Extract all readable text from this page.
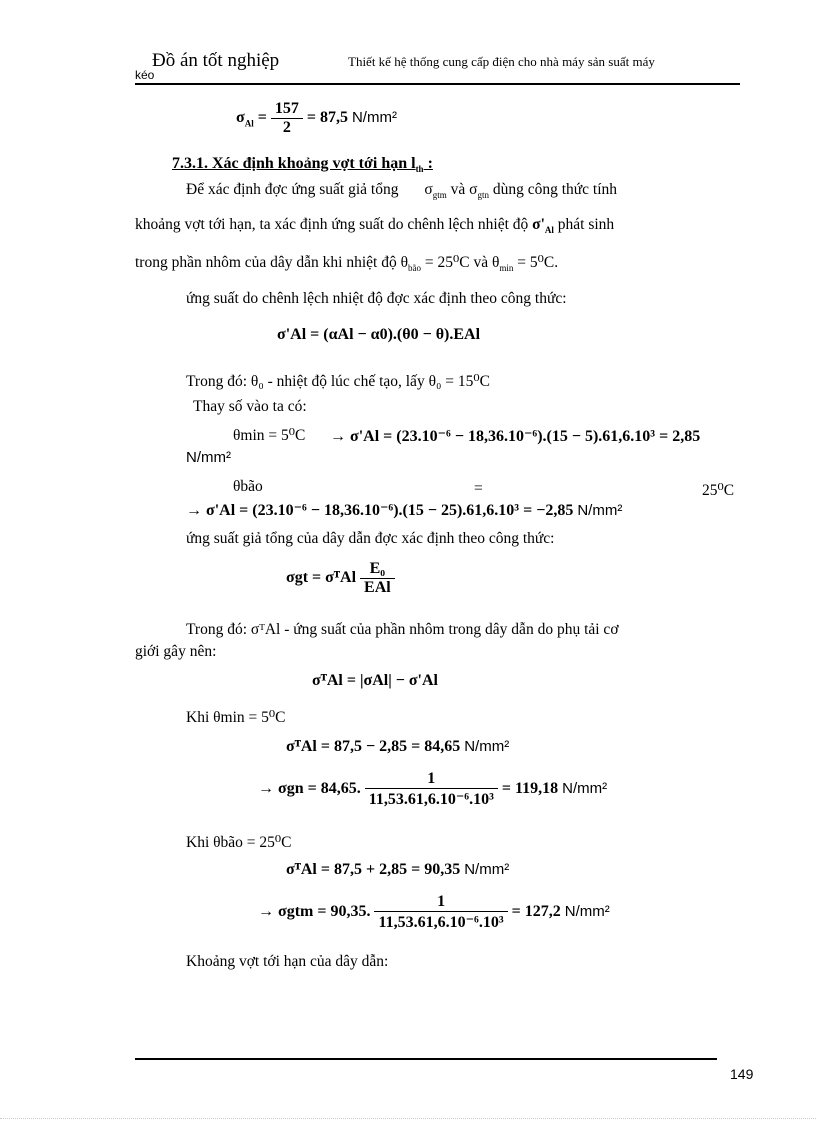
Đồ án tốt nghiệp	Thiết kế hệ thống cung cấp điện cho nhà máy sản suất máy
kéo
$\sigma_{Al} = \frac{157}{2} = 87,5$ N/mm²
7.3.1. Xác định khoảng vợt tới hạn $l_{th}$ :
Để xác định đợc ứng suất giả tổng $\sigma_{gtm}$ và $\sigma_{gtn}$ dùng công thức tính
khoảng vợt tới hạn, ta xác định ứng suất do chênh lệch nhiệt độ $\sigma'_{Al}$ phát sinh
trong phần nhôm của dây dẫn khi nhiệt độ $\theta_{bão} = 25^0C$ và $\theta_{min} = 5^0C$.
ứng suất do chênh lệch nhiệt độ đợc xác định theo công thức:
σ'Al = (αAl − α0).(θ0 − θ).EAl
Trong đó: θ₀ - nhiệt độ lúc chế tạo, lấy θ₀ = 15⁰C
Thay số vào ta có:
θmin = 5⁰C → σ'Al = (23.10⁻⁶ − 18,36.10⁻⁶).(15 − 5).61,6.10³ = 2,85
N/mm²
θbão	=	25⁰C
→ σ'Al = (23.10⁻⁶ − 18,36.10⁻⁶).(15 − 25).61,6.10³ = −2,85 N/mm²
ứng suất giả tổng của dây dẫn đợc xác định theo công thức:
σgt = σᵀAl $\frac{\text{E₀}}{\text{EAl}}$
Trong đó: σᵀAl - ứng suất của phần nhôm trong dây dẫn do phụ tải cơ
giới gây nên:
σᵀAl = |σAl| − σ'Al
Khi θmin = 5⁰C
σᵀAl = 87,5 − 2,85 = 84,65 N/mm²
→ σgn = 84,65. $\frac{1}{\text{11,53.61,6.10⁻⁶.10³}} = 119,18$ N/mm²
Khi θbão = 25⁰C
σᵀAl = 87,5 + 2,85 = 90,35 N/mm²
→ σgtm = 90,35. $\frac{1}{\text{11,53.61,6.10⁻⁶.10³}} = 127,2$ N/mm²
Khoảng vợt tới hạn của dây dẫn:
149
